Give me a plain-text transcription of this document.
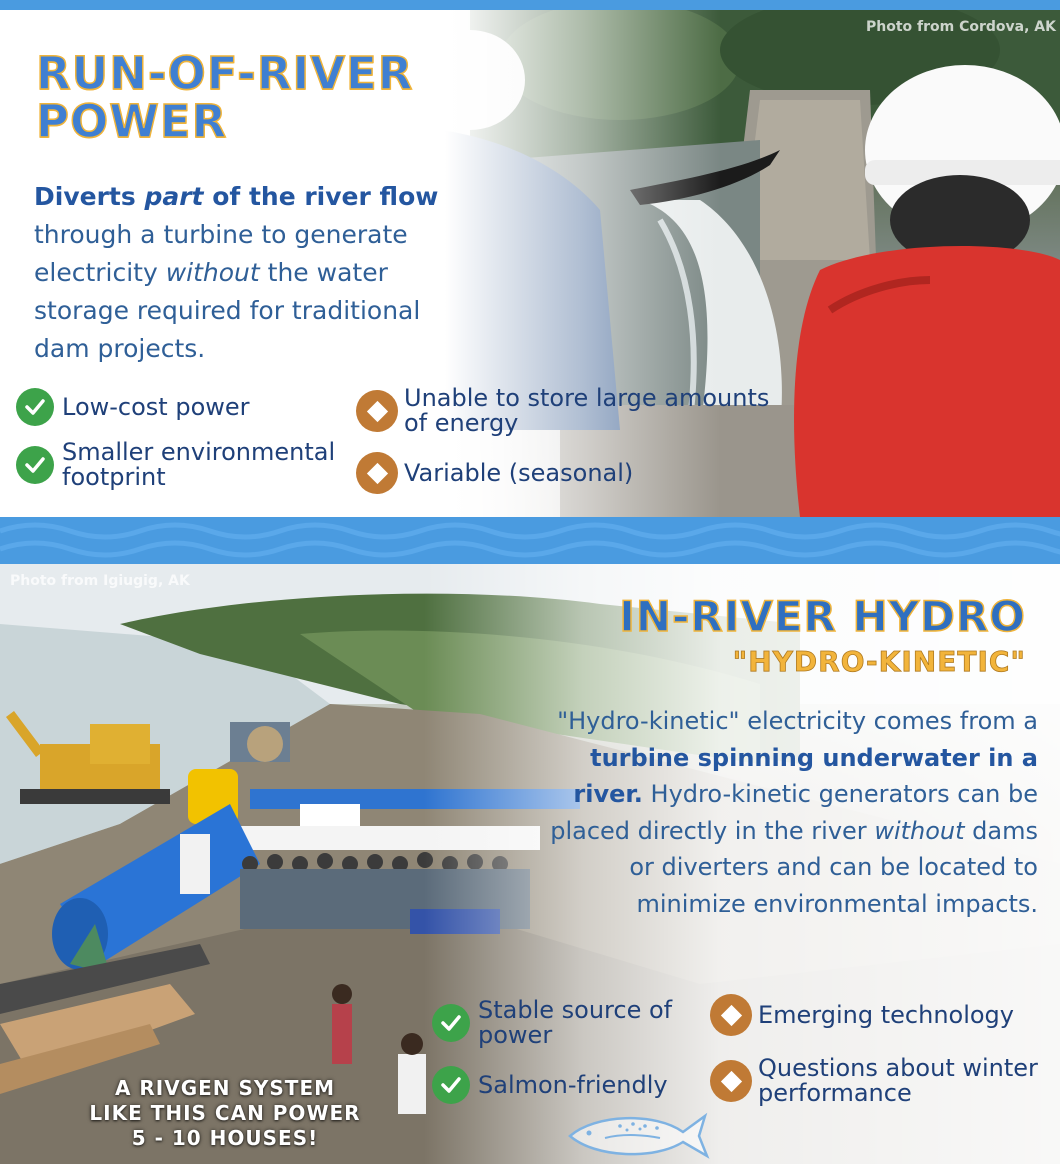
Photo from Cordova, AK
RUN-OF-RIVER
POWER

Diverts part of the river flow
through a turbine to generate electricity without the water storage required for traditional dam projects.

Low-cost power
Smaller environmental footprint
Unable to store large amounts of energy
Variable (seasonal)
Photo from Igiugig, AK
IN-RIVER HYDRO
"HYDRO-KINETIC"

"Hydro-kinetic" electricity comes from a turbine spinning underwater in a river. Hydro-kinetic generators can be placed directly in the river without dams or diverters and can be located to minimize environmental impacts.

Stable source of power
Salmon-friendly
Emerging technology
Questions about winter performance
A RIVGEN SYSTEM
LIKE THIS CAN POWER
5 - 10 HOUSES!
